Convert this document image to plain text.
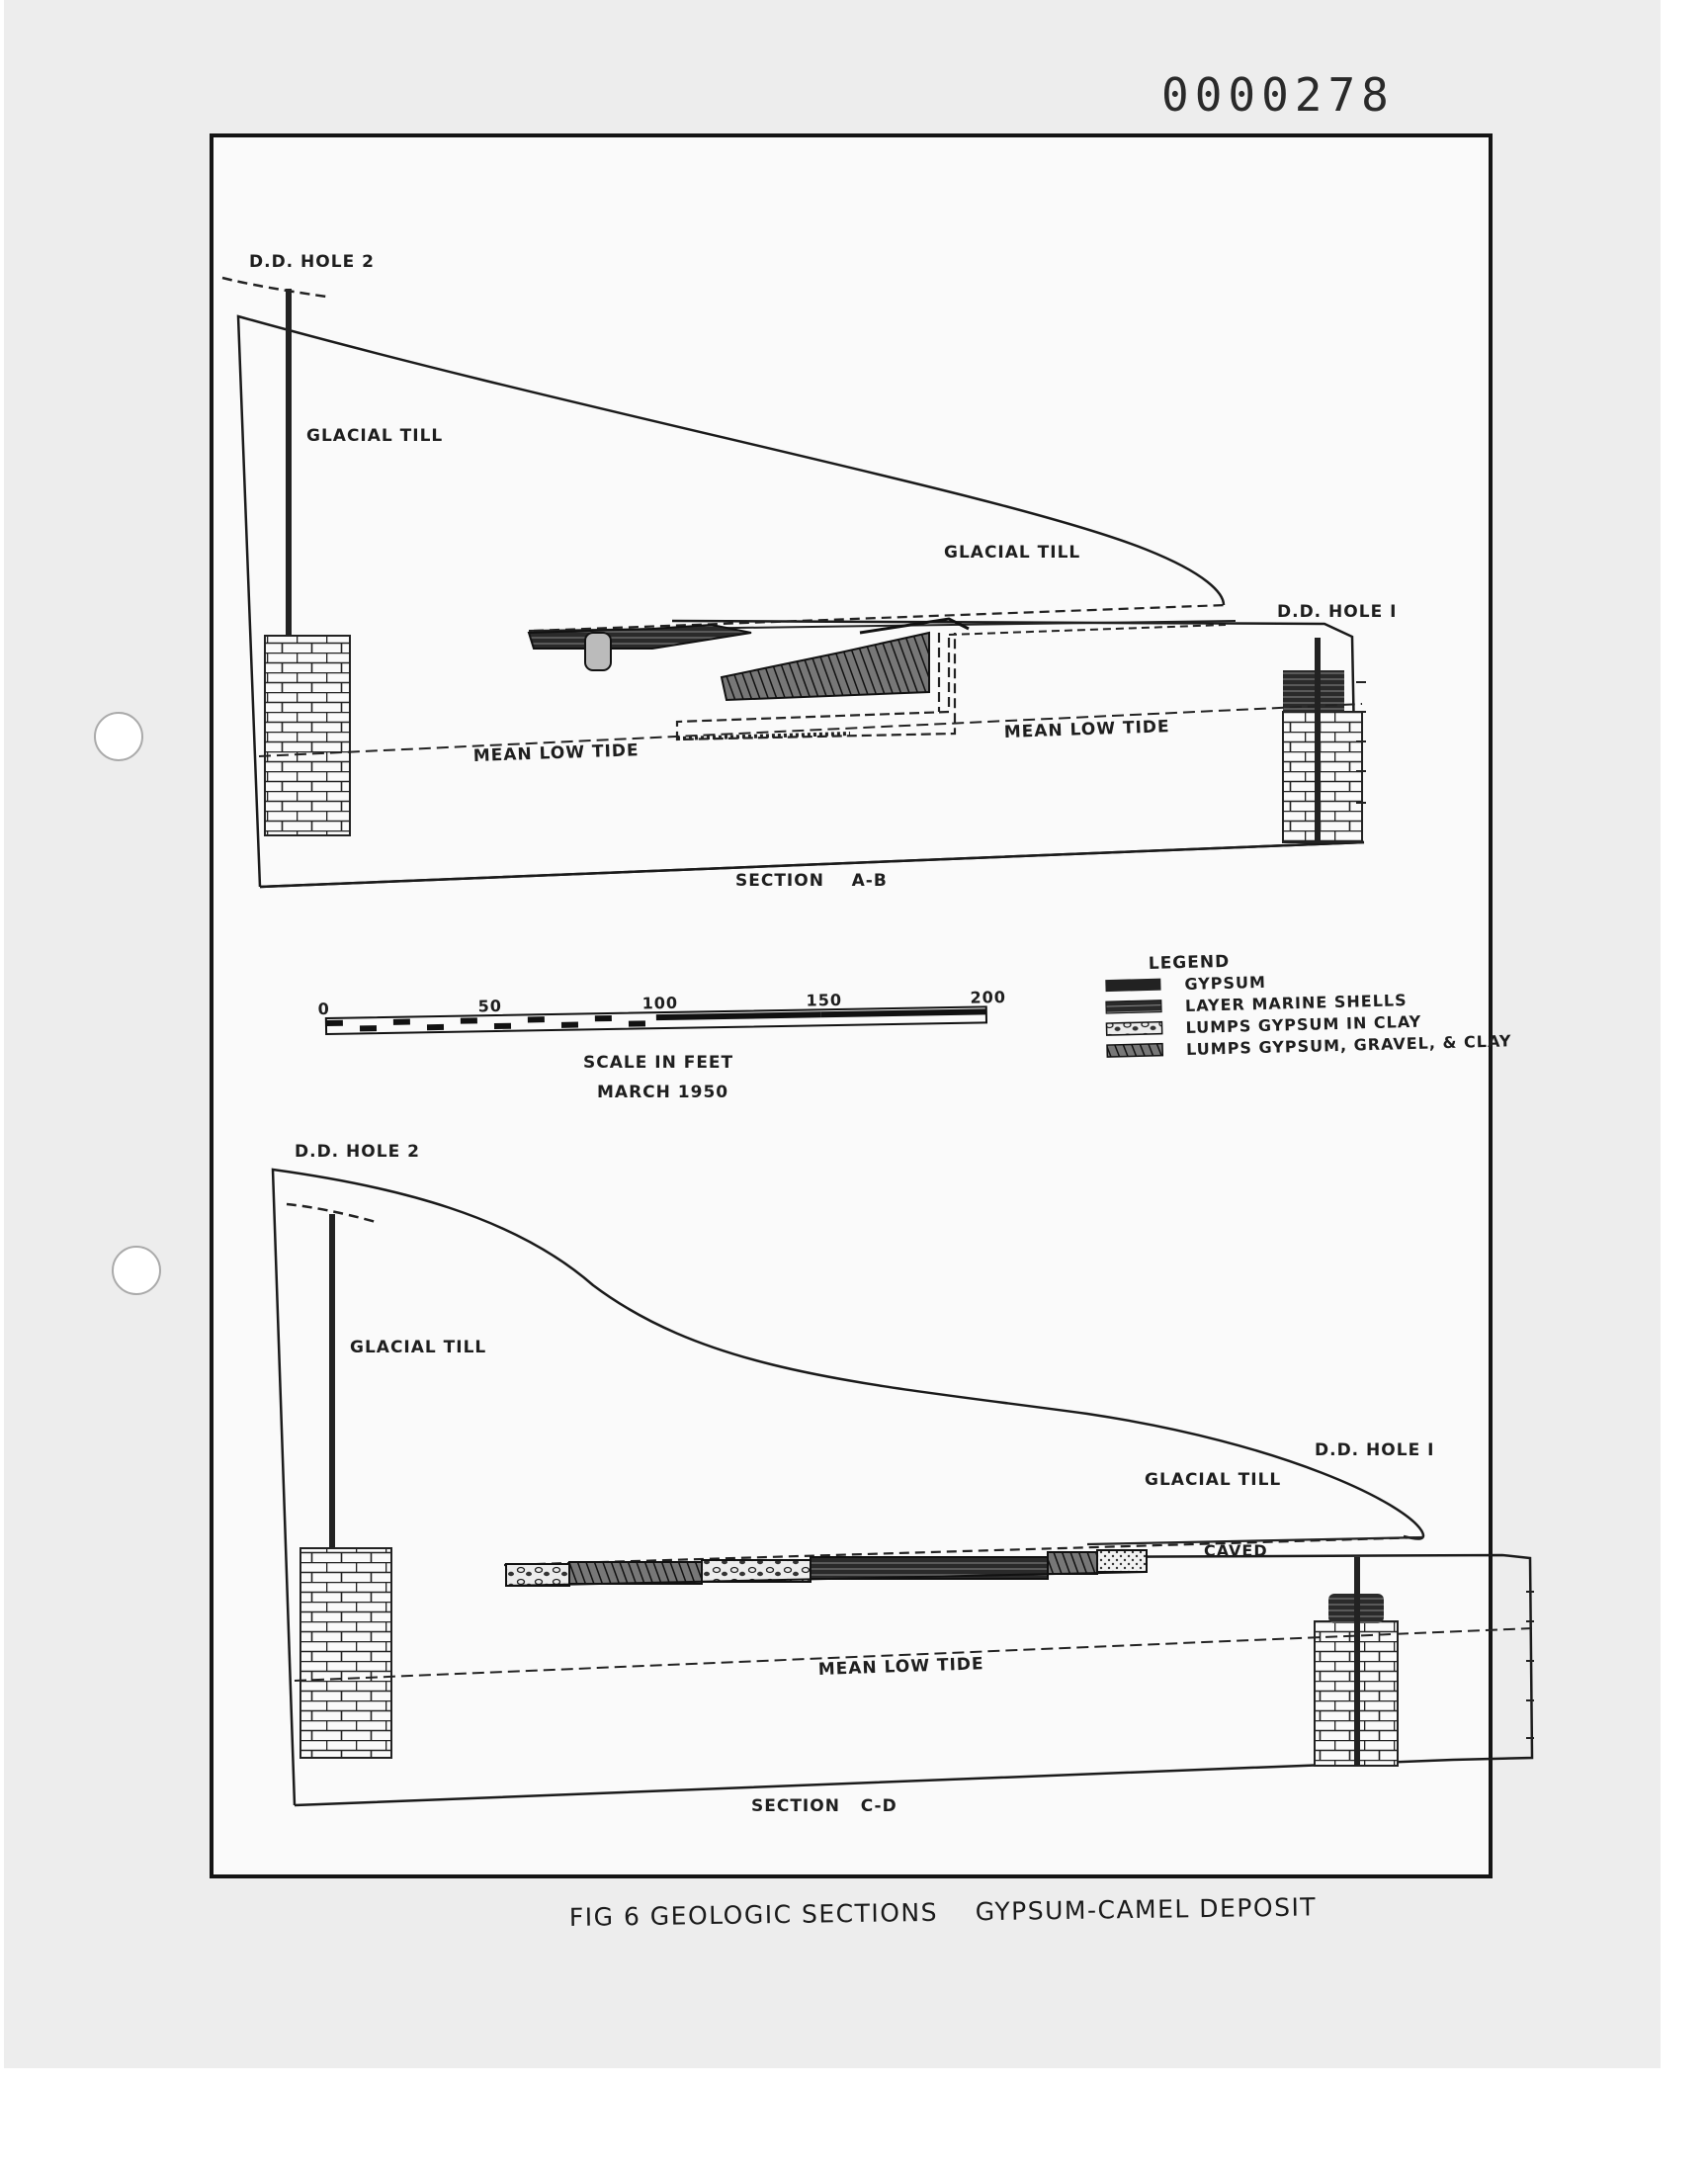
0000278
D.D. HOLE 2
D.D. HOLE I
GLACIAL TILL
GLACIAL TILL
MEAN LOW TIDE
MEAN LOW TIDE
SECTION    A-B
0	50	100	150	200
SCALE IN FEET
MARCH 1950
LEGEND
GYPSUM
LAYER MARINE SHELLS
LUMPS GYPSUM IN CLAY
LUMPS GYPSUM, GRAVEL, & CLAY
D.D. HOLE 2
D.D. HOLE I
GLACIAL TILL
GLACIAL TILL
CAVED
MEAN LOW TIDE
SECTION   C-D
FIG 6 GEOLOGIC SECTIONS    GYPSUM-CAMEL DEPOSIT
